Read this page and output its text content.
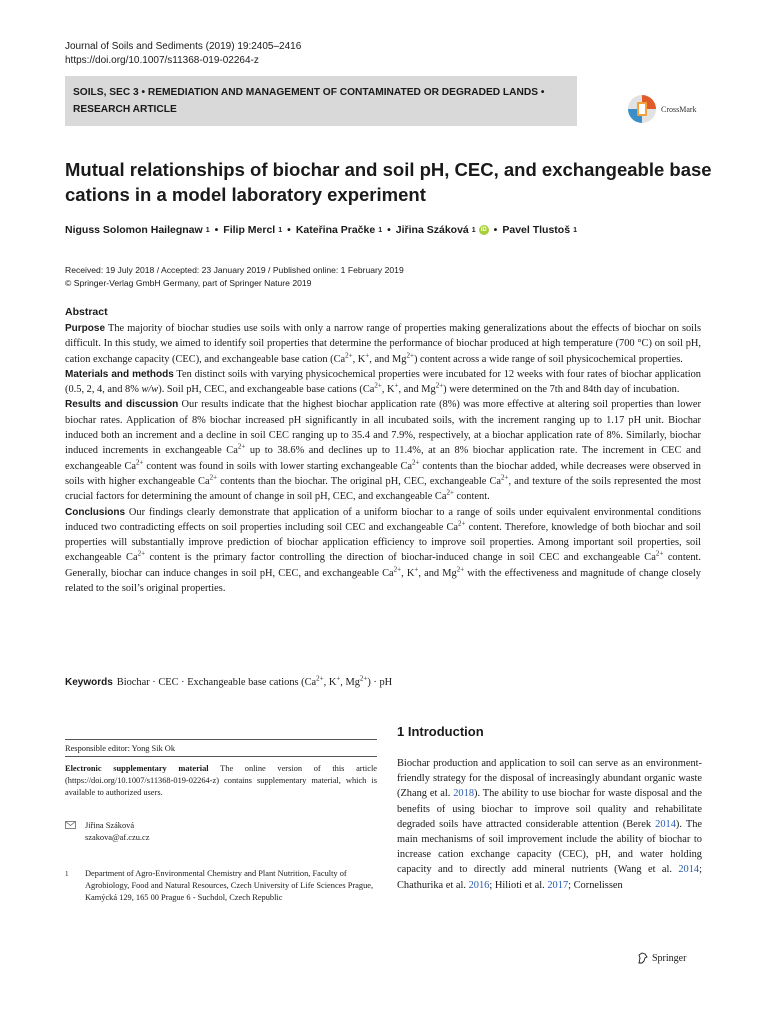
Journal of Soils and Sediments (2019) 19:2405–2416
https://doi.org/10.1007/s11368-019-02264-z
SOILS, SEC 3 • REMEDIATION AND MANAGEMENT OF CONTAMINATED OR DEGRADED LANDS •
RESEARCH ARTICLE	CrossMark
Mutual relationships of biochar and soil pH, CEC, and exchangeable base cations in a model laboratory experiment
Niguss Solomon Hailegnaw 1 • Filip Mercl 1 • Kateřina Pračke 1 • Jiřina Száková 1 iD • Pavel Tlustoš 1
Received: 19 July 2018 / Accepted: 23 January 2019 / Published online: 1 February 2019
© Springer-Verlag GmbH Germany, part of Springer Nature 2019
Abstract

Purpose The majority of biochar studies use soils with only a narrow range of properties making generalizations about the effects of biochar on soils difficult. In this study, we aimed to identify soil properties that determine the performance of biochar produced at high temperature (700 °C) on soil pH, cation exchange capacity (CEC), and exchangeable base cation ($Ca^{2+}$, K+, and $Mg^{2+}$) content across a wide range of soil physicochemical properties.

Materials and methods Ten distinct soils with varying physicochemical properties were incubated for 12 weeks with four rates of biochar application (0.5, 2, 4, and 8% w/w). Soil pH, CEC, and exchangeable base cations ($Ca^{2+}$, K+, and $Mg^{2+}$) were determined on the 7th and 84th day of incubation.

Results and discussion Our results indicate that the highest biochar application rate (8%) was more effective at altering soil properties than lower biochar rates. Application of 8% biochar increased pH significantly in all incubated soils, with the increment ranging up to 1.17 pH unit. Biochar induced both an increment and a decline in soil CEC ranging up to 35.4 and 7.9%, respectively, at a biochar application rate of 8%. Similarly, biochar induced increments in exchangeable $Ca^{2+}$ up to 38.6% and declines up to 11.4%, at an 8% biochar application rate. The increment in CEC and exchangeable $Ca^{2+}$ content was found in soils with lower starting exchangeable $Ca^{2+}$ contents than the biochar added, while decreases were observed in soils with higher exchangeable $Ca^{2+}$ contents than the biochar. The original pH, CEC, exchangeable $Ca^{2+}$, and texture of the soils represented the most crucial factors for determining the amount of change in soil pH, CEC, and exchangeable $Ca^{2+}$ content.

Conclusions Our findings clearly demonstrate that application of a uniform biochar to a range of soils under equivalent environmental conditions induced two contradicting effects on soil properties including soil CEC and exchangeable $Ca^{2+}$ content. Therefore, knowledge of both biochar and soil properties will substantially improve prediction of biochar application efficiency to improve soil properties. Among important soil properties, soil exchangeable $Ca^{2+}$ content is the primary factor controlling the direction of biochar-induced change in soil CEC and exchangeable $Ca^{2+}$ content. Generally, biochar can induce changes in soil pH, CEC, and exchangeable $Ca^{2+}$, K+, and $Mg^{2+}$ with the effectiveness and magnitude of change closely related to the soil’s original properties.

Keywords Biochar · CEC · Exchangeable base cations ($Ca^{2+}$, K+, $Mg^{2+}$) · pH
Responsible editor: Yong Sik Ok
Electronic supplementary material The online version of this article (https://doi.org/10.1007/s11368-019-02264-z) contains supplementary material, which is available to authorized users.
Jiřina Száková
szakova@af.czu.cz
1	Department of Agro-Environmental Chemistry and Plant Nutrition, Faculty of Agrobiology, Food and Natural Resources, Czech University of Life Sciences Prague, Kamýcká 129, 165 00 Prague 6 - Suchdol, Czech Republic
1 Introduction

Biochar production and application to soil can serve as an environment-friendly strategy for the disposal of increasingly abundant organic waste (Zhang et al. 2018). The ability to use biochar for waste disposal and the benefits of using biochar to improve soil quality and rehabilitate degraded soils have attracted considerable attention (Berek 2014). The main mechanisms of soil improvement include the ability of biochar to increase cation exchange capacity (CEC), pH, and water holding capacity and to directly add mineral nutrients (Wang et al. 2014; Chathurika et al. 2016; Hilioti et al. 2017; Cornelissen

Springer
